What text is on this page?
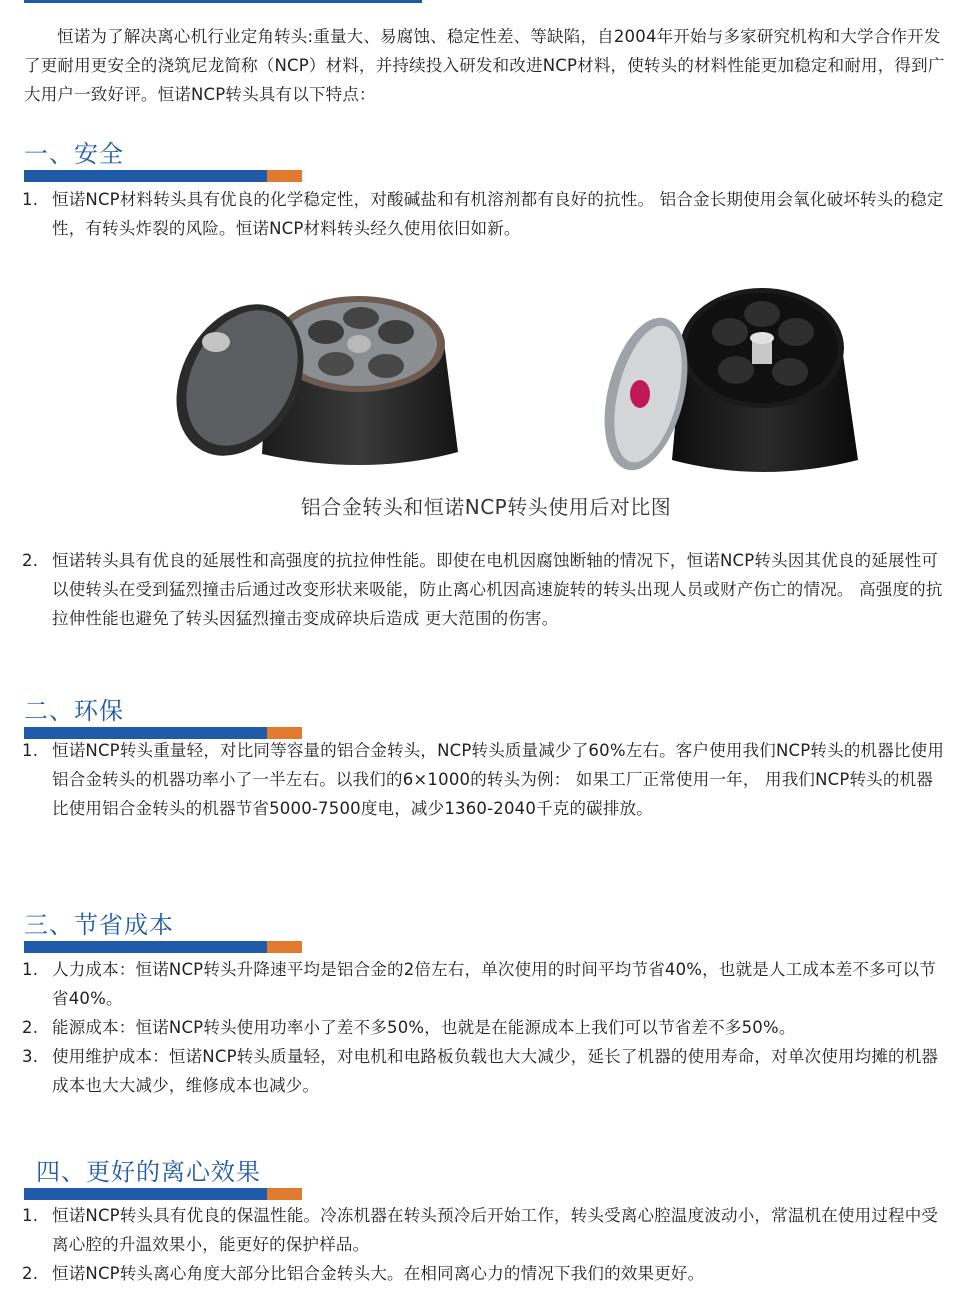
恒诺为了解决离心机行业定角转头:重量大、易腐蚀、稳定性差、等缺陷，自2004年开始与多家研究机构和大学合作开发了更耐用更安全的浇筑尼龙简称（NCP）材料，并持续投入研发和改进NCP材料，使转头的材料性能更加稳定和耐用，得到广大用户一致好评。恒诺NCP转头具有以下特点：

一、安全
1. 恒诺NCP材料转头具有优良的化学稳定性，对酸碱盐和有机溶剂都有良好的抗性。 铝合金长期使用会氧化破坏转头的稳定性，有转头炸裂的风险。恒诺NCP材料转头经久使用依旧如新。
铝合金转头和恒诺NCP转头使用后对比图
2. 恒诺转头具有优良的延展性和高强度的抗拉伸性能。即使在电机因腐蚀断轴的情况下，恒诺NCP转头因其优良的延展性可以使转头在受到猛烈撞击后通过改变形状来吸能，防止离心机因高速旋转的转头出现人员或财产伤亡的情况。 高强度的抗拉伸性能也避免了转头因猛烈撞击变成碎块后造成 更大范围的伤害。
二、环保
1. 恒诺NCP转头重量轻，对比同等容量的铝合金转头，NCP转头质量减少了60%左右。客户使用我们NCP转头的机器比使用铝合金转头的机器功率小了一半左右。以我们的6×1000的转头为例： 如果工厂正常使用一年， 用我们NCP转头的机器比使用铝合金转头的机器节省5000-7500度电，减少1360-2040千克的碳排放。
三、节省成本
1. 人力成本：恒诺NCP转头升降速平均是铝合金的2倍左右，单次使用的时间平均节省40%，也就是人工成本差不多可以节省40%。
2. 能源成本：恒诺NCP转头使用功率小了差不多50%，也就是在能源成本上我们可以节省差不多50%。
3. 使用维护成本：恒诺NCP转头质量轻，对电机和电路板负载也大大减少，延长了机器的使用寿命，对单次使用均摊的机器成本也大大减少，维修成本也减少。
四、更好的离心效果
1. 恒诺NCP转头具有优良的保温性能。冷冻机器在转头预冷后开始工作，转头受离心腔温度波动小，常温机在使用过程中受离心腔的升温效果小，能更好的保护样品。
2. 恒诺NCP转头离心角度大部分比铝合金转头大。在相同离心力的情况下我们的效果更好。
